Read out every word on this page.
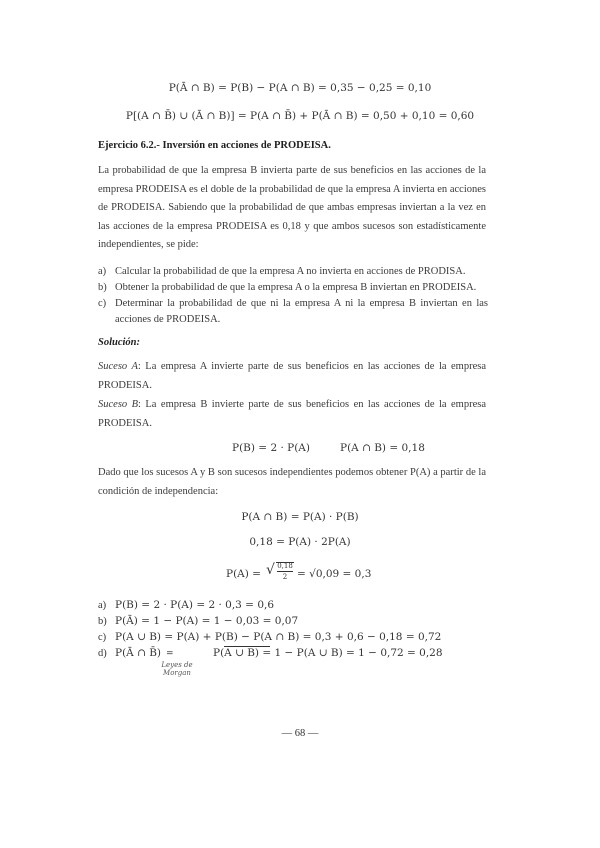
P(Ā ∩ B) = P(B) − P(A ∩ B) = 0,35 − 0,25 = 0,10
P[(A ∩ B̄) ∪ (Ā ∩ B)] = P(A ∩ B̄) + P(Ā ∩ B) = 0,50 + 0,10 = 0,60
Ejercicio 6.2.- Inversión en acciones de PRODEISA.
La probabilidad de que la empresa B invierta parte de sus beneficios en las acciones de la empresa PRODEISA es el doble de la probabilidad de que la empresa A invierta en acciones de PRODEISA. Sabiendo que la probabilidad de que ambas empresas inviertan a la vez en las acciones de la empresa PRODEISA es 0,18 y que ambos sucesos son estadísticamente independientes, se pide:
a) Calcular la probabilidad de que la empresa A no invierta en acciones de PRODISA.
b) Obtener la probabilidad de que la empresa A o la empresa B inviertan en PRODEISA.
c) Determinar la probabilidad de que ni la empresa A ni la empresa B inviertan en las acciones de PRODEISA.
Solución:
Suceso A: La empresa A invierte parte de sus beneficios en las acciones de la empresa PRODEISA.
Suceso B: La empresa B invierte parte de sus beneficios en las acciones de la empresa PRODEISA.
P(B) = 2 · P(A)	P(A ∩ B) = 0,18
Dado que los sucesos A y B son sucesos independientes podemos obtener P(A) a partir de la condición de independencia:
P(A ∩ B) = P(A) · P(B)
0,18 = P(A) · 2P(A)
P(A) = √ 0,18
2 = √0,09 = 0,3
a) P(B) = 2 · P(A) = 2 · 0,3 = 0,6
b) P(Ā) = 1 − P(A) = 1 − 0,03 = 0,07
c) P(A ∪ B) = P(A) + P(B) − P(A ∩ B) = 0,3 + 0,6 − 0,18 = 0,72
d) P(Ā ∩ B̄) =
Leyes de Morgan
P(A ∪ B) = 1 − P(A ∪ B) = 1 − 0,72 = 0,28
— 68 —
